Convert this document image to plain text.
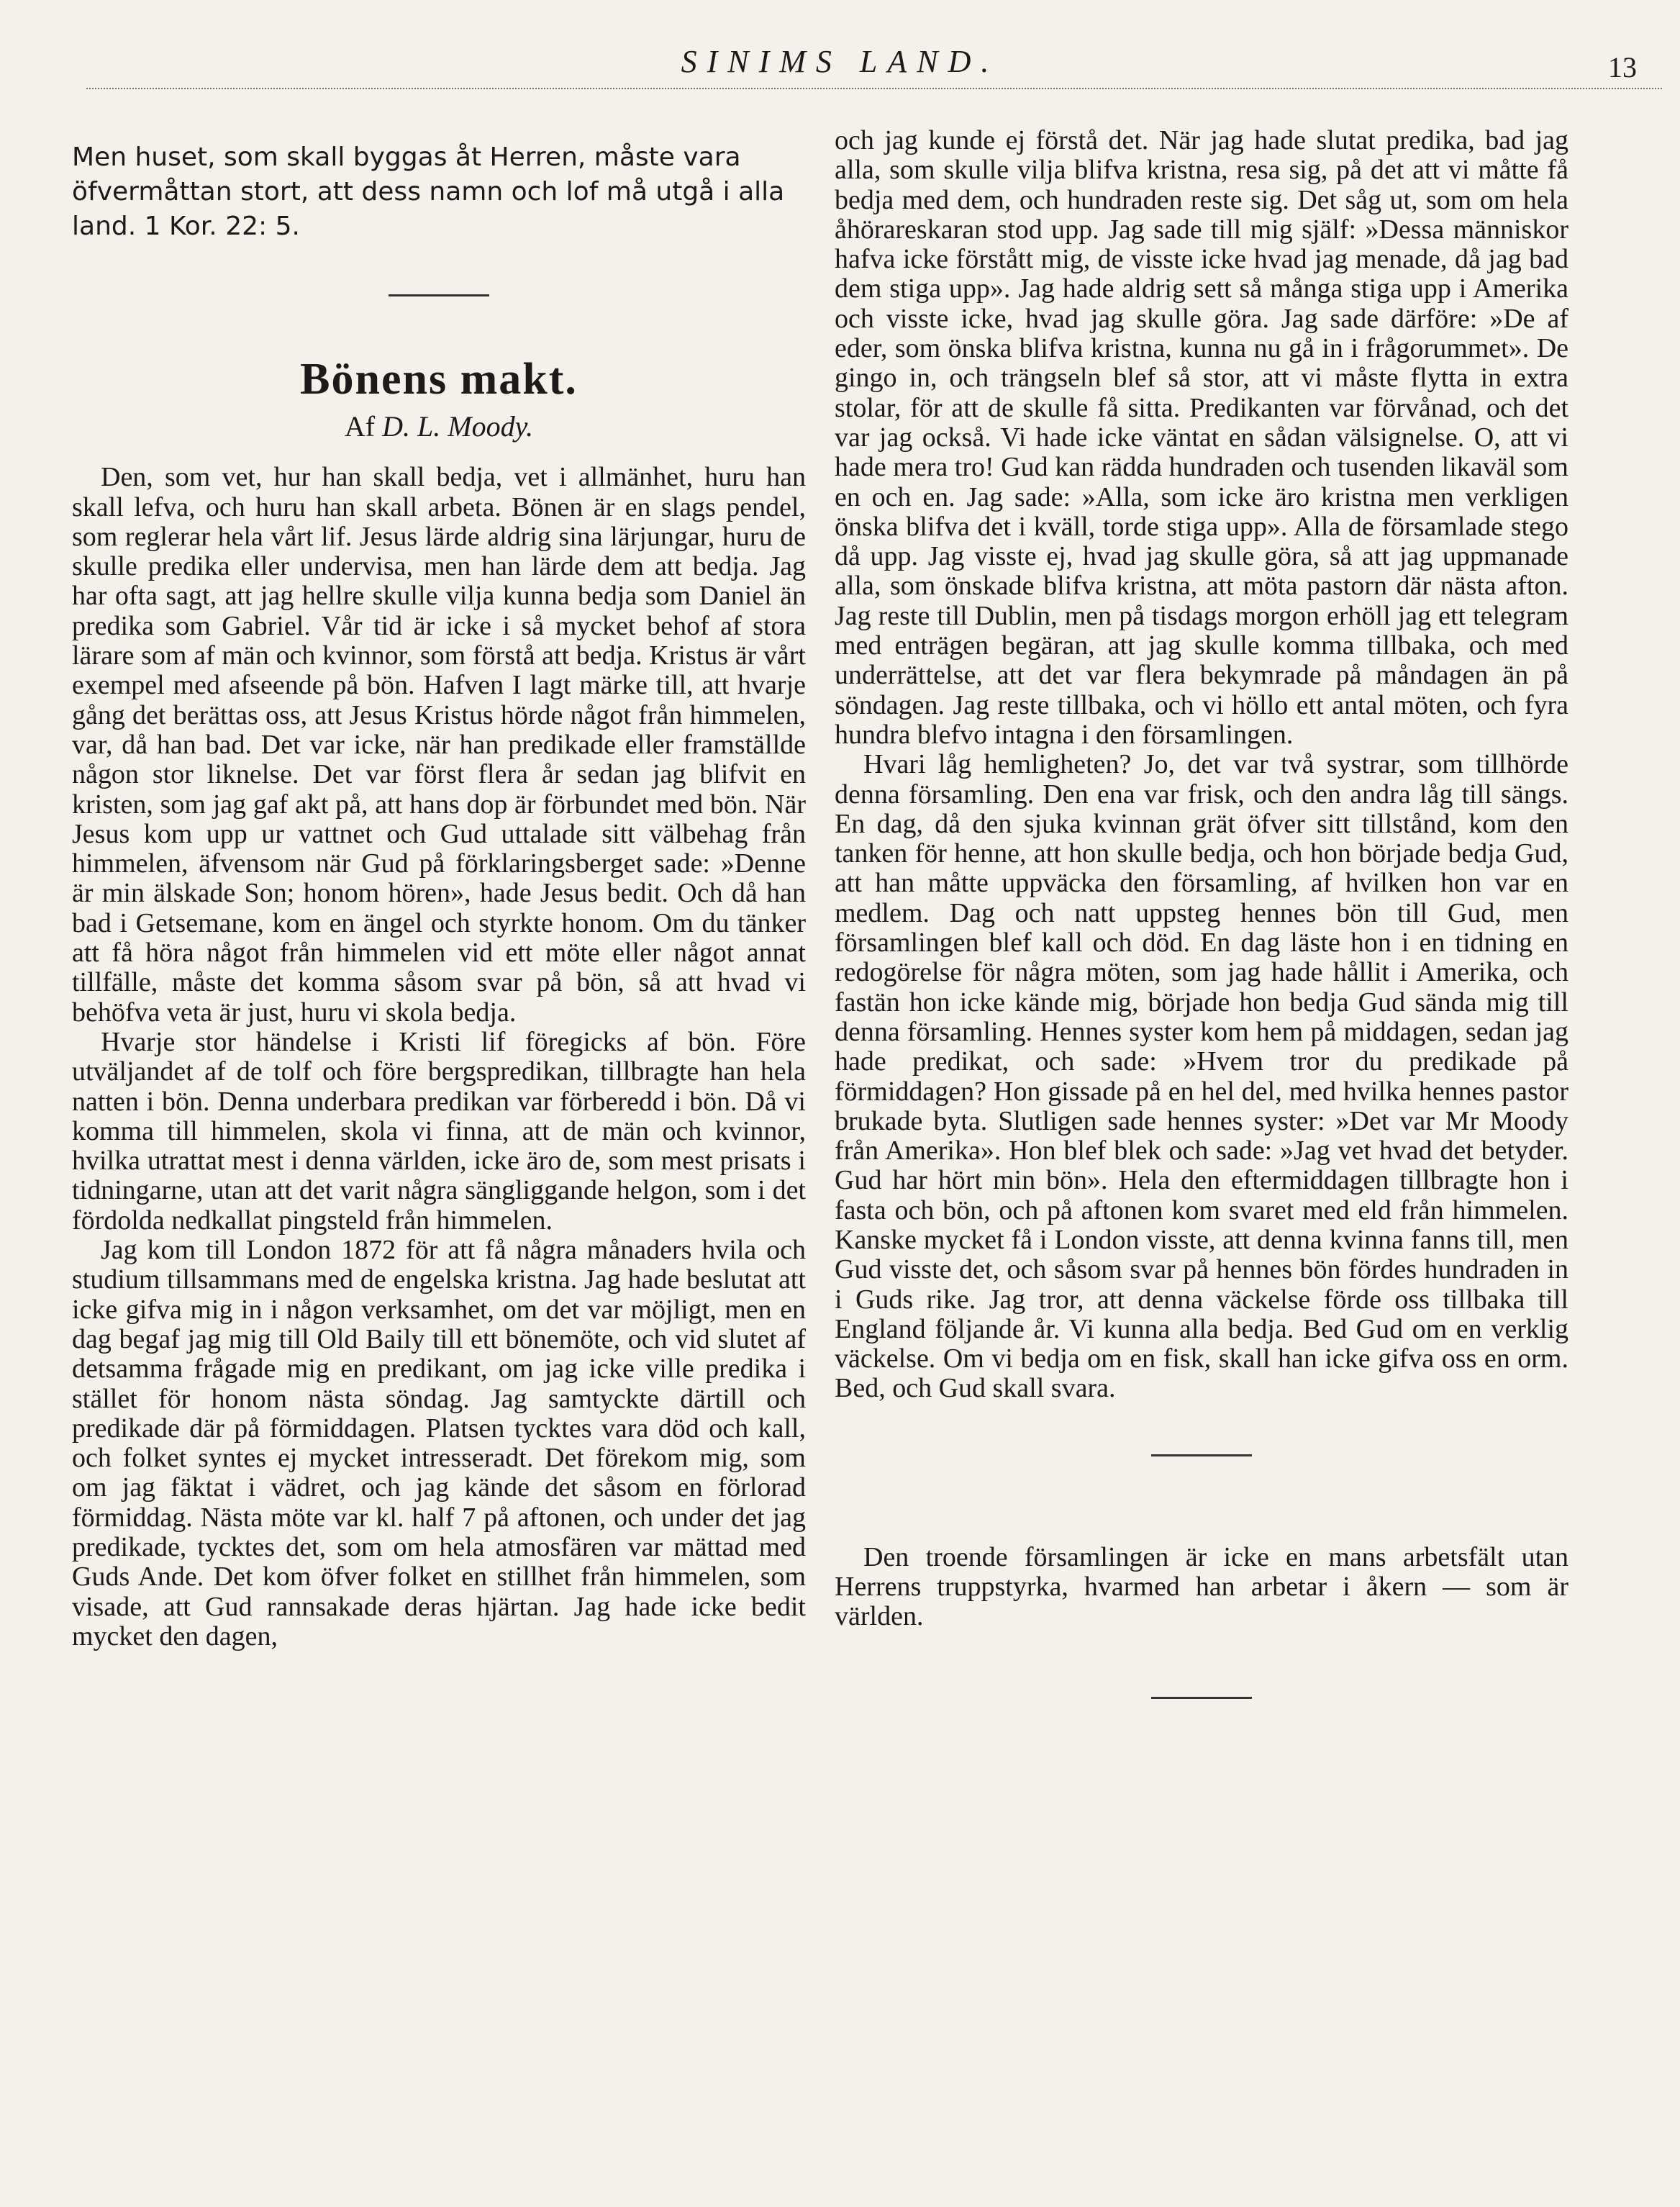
SINIMS LAND.	13

Men huset, som skall byggas åt Herren, måste vara öfvermåttan stort, att dess namn och lof må utgå i alla land. 1 Kor. 22: 5.

Bönens makt.
Af D. L. Moody.

Den, som vet, hur han skall bedja, vet i allmänhet, huru han skall lefva, och huru han skall arbeta. Bönen är en slags pendel, som reglerar hela vårt lif. Jesus lärde aldrig sina lärjungar, huru de skulle predika eller undervisa, men han lärde dem att bedja. Jag har ofta sagt, att jag hellre skulle vilja kunna bedja som Daniel än predika som Gabriel. Vår tid är icke i så mycket behof af stora lärare som af män och kvinnor, som förstå att bedja. Kristus är vårt exempel med afseende på bön. Hafven I lagt märke till, att hvarje gång det berättas oss, att Jesus Kristus hörde något från himmelen, var, då han bad. Det var icke, när han predikade eller framställde någon stor liknelse. Det var först flera år sedan jag blifvit en kristen, som jag gaf akt på, att hans dop är förbundet med bön. När Jesus kom upp ur vattnet och Gud uttalade sitt välbehag från himmelen, äfvensom när Gud på förklaringsberget sade: »Denne är min älskade Son; honom hören», hade Jesus bedit. Och då han bad i Getsemane, kom en ängel och styrkte honom. Om du tänker att få höra något från himmelen vid ett möte eller något annat tillfälle, måste det komma såsom svar på bön, så att hvad vi behöfva veta är just, huru vi skola bedja.

Hvarje stor händelse i Kristi lif föregicks af bön. Före utväljandet af de tolf och före bergspredikan, tillbragte han hela natten i bön. Denna underbara predikan var förberedd i bön. Då vi komma till himmelen, skola vi finna, att de män och kvinnor, hvilka utrattat mest i denna världen, icke äro de, som mest prisats i tidningarne, utan att det varit några sängliggande helgon, som i det fördolda nedkallat pingsteld från himmelen.

Jag kom till London 1872 för att få några månaders hvila och studium tillsammans med de engelska kristna. Jag hade beslutat att icke gifva mig in i någon verksamhet, om det var möjligt, men en dag begaf jag mig till Old Baily till ett bönemöte, och vid slutet af detsamma frågade mig en predikant, om jag icke ville predika i stället för honom nästa söndag. Jag samtyckte därtill och predikade där på förmiddagen. Platsen tycktes vara död och kall, och folket syntes ej mycket intresseradt. Det förekom mig, som om jag fäktat i vädret, och jag kände det såsom en förlorad förmiddag. Nästa möte var kl. half 7 på aftonen, och under det jag predikade, tycktes det, som om hela atmosfären var mättad med Guds Ande. Det kom öfver folket en stillhet från himmelen, som visade, att Gud rannsakade deras hjärtan. Jag hade icke bedit mycket den dagen,

och jag kunde ej förstå det. När jag hade slutat predika, bad jag alla, som skulle vilja blifva kristna, resa sig, på det att vi måtte få bedja med dem, och hundraden reste sig. Det såg ut, som om hela åhörareskaran stod upp. Jag sade till mig själf: »Dessa människor hafva icke förstått mig, de visste icke hvad jag menade, då jag bad dem stiga upp». Jag hade aldrig sett så många stiga upp i Amerika och visste icke, hvad jag skulle göra. Jag sade därföre: »De af eder, som önska blifva kristna, kunna nu gå in i frågorummet». De gingo in, och trängseln blef så stor, att vi måste flytta in extra stolar, för att de skulle få sitta. Predikanten var förvånad, och det var jag också. Vi hade icke väntat en sådan välsignelse. O, att vi hade mera tro! Gud kan rädda hundraden och tusenden likaväl som en och en. Jag sade: »Alla, som icke äro kristna men verkligen önska blifva det i kväll, torde stiga upp». Alla de församlade stego då upp. Jag visste ej, hvad jag skulle göra, så att jag uppmanade alla, som önskade blifva kristna, att möta pastorn där nästa afton. Jag reste till Dublin, men på tisdags morgon erhöll jag ett telegram med enträgen begäran, att jag skulle komma tillbaka, och med underrättelse, att det var flera bekymrade på måndagen än på söndagen. Jag reste tillbaka, och vi höllo ett antal möten, och fyra hundra blefvo intagna i den församlingen.

Hvari låg hemligheten? Jo, det var två systrar, som tillhörde denna församling. Den ena var frisk, och den andra låg till sängs. En dag, då den sjuka kvinnan grät öfver sitt tillstånd, kom den tanken för henne, att hon skulle bedja, och hon började bedja Gud, att han måtte uppväcka den församling, af hvilken hon var en medlem. Dag och natt uppsteg hennes bön till Gud, men församlingen blef kall och död. En dag läste hon i en tidning en redogörelse för några möten, som jag hade hållit i Amerika, och fastän hon icke kände mig, började hon bedja Gud sända mig till denna församling. Hennes syster kom hem på middagen, sedan jag hade predikat, och sade: »Hvem tror du predikade på förmiddagen? Hon gissade på en hel del, med hvilka hennes pastor brukade byta. Slutligen sade hennes syster: »Det var Mr Moody från Amerika». Hon blef blek och sade: »Jag vet hvad det betyder. Gud har hört min bön». Hela den eftermiddagen tillbragte hon i fasta och bön, och på aftonen kom svaret med eld från himmelen. Kanske mycket få i London visste, att denna kvinna fanns till, men Gud visste det, och såsom svar på hennes bön fördes hundraden in i Guds rike. Jag tror, att denna väckelse förde oss tillbaka till England följande år. Vi kunna alla bedja. Bed Gud om en verklig väckelse. Om vi bedja om en fisk, skall han icke gifva oss en orm. Bed, och Gud skall svara.

Den troende församlingen är icke en mans arbetsfält utan Herrens truppstyrka, hvarmed han arbetar i åkern — som är världen.
